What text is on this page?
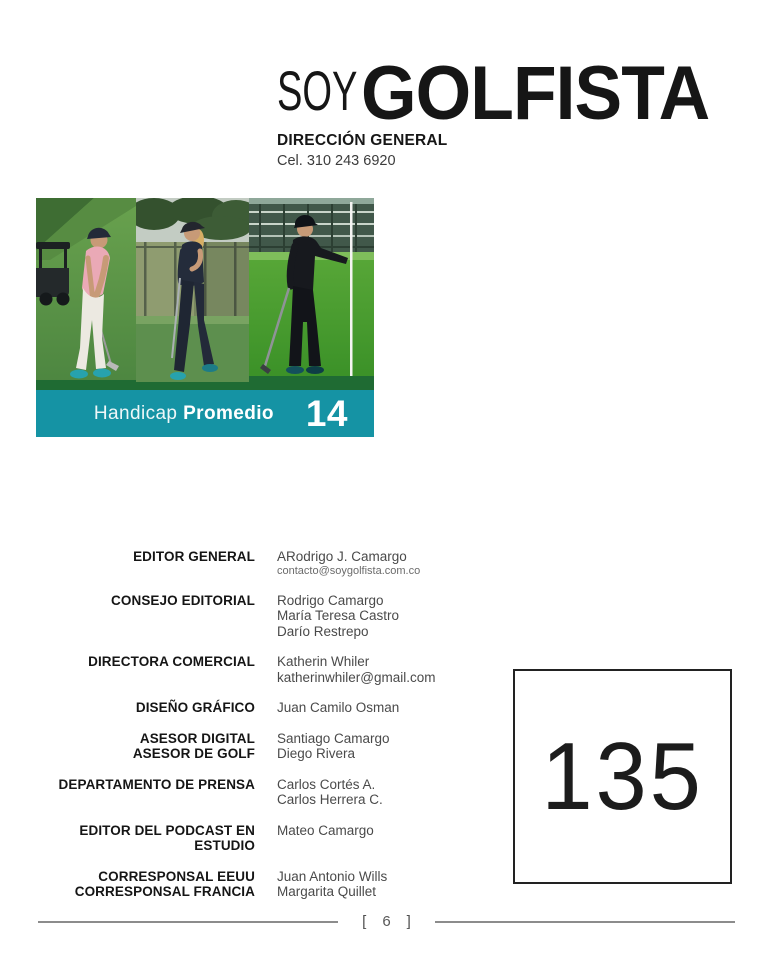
SOY GOLFISTA
DIRECCIÓN GENERAL
Cel. 310 243 6920
Handicap Promedio 14
EDITOR GENERAL ARodrigo J. Camargo
contacto@soygolfista.com.co
CONSEJO EDITORIAL Rodrigo Camargo
María Teresa Castro
Darío Restrepo
DIRECTORA COMERCIAL Katherin Whiler
katherinwhiler@gmail.com
DISEÑO GRÁFICO Juan Camilo Osman
ASESOR DIGITAL
ASESOR DE GOLF
Santiago Camargo
Diego Rivera
DEPARTAMENTO DE PRENSA Carlos Cortés A.
Carlos Herrera C.
EDITOR DEL PODCAST EN ESTUDIO
Mateo Camargo
CORRESPONSAL EEUU
CORRESPONSAL FRANCIA
Juan Antonio Wills
Margarita Quillet
135
[ 6 ]
